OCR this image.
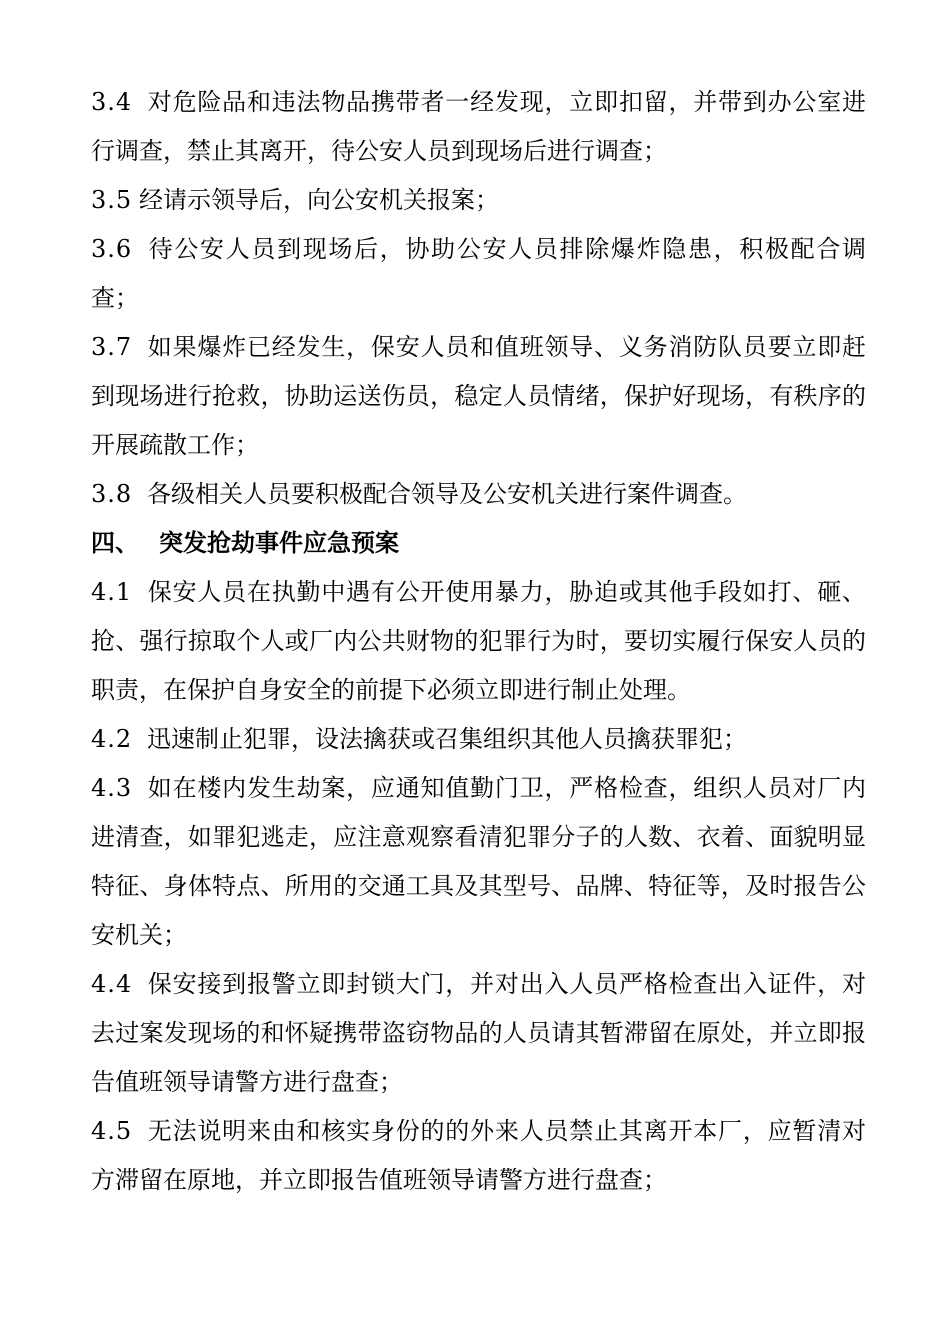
3.4 对危险品和违法物品携带者一经发现，立即扣留，并带到办公室进行调查，禁止其离开，待公安人员到现场后进行调查；

3.5 经请示领导后，向公安机关报案；

3.6 待公安人员到现场后，协助公安人员排除爆炸隐患，积极配合调查；

3.7 如果爆炸已经发生，保安人员和值班领导、义务消防队员要立即赶到现场进行抢救，协助运送伤员，稳定人员情绪，保护好现场，有秩序的开展疏散工作；

3.8 各级相关人员要积极配合领导及公安机关进行案件调查。

四、 突发抢劫事件应急预案

4.1 保安人员在执勤中遇有公开使用暴力，胁迫或其他手段如打、砸、抢、强行掠取个人或厂内公共财物的犯罪行为时，要切实履行保安人员的职责，在保护自身安全的前提下必须立即进行制止处理。

4.2 迅速制止犯罪，设法擒获或召集组织其他人员擒获罪犯；

4.3 如在楼内发生劫案，应通知值勤门卫，严格检查，组织人员对厂内进清查，如罪犯逃走，应注意观察看清犯罪分子的人数、衣着、面貌明显特征、身体特点、所用的交通工具及其型号、品牌、特征等，及时报告公安机关；

4.4 保安接到报警立即封锁大门，并对出入人员严格检查出入证件，对去过案发现场的和怀疑携带盗窃物品的人员请其暂滞留在原处，并立即报告值班领导请警方进行盘查；

4.5 无法说明来由和核实身份的的外来人员禁止其离开本厂，应暂清对方滞留在原地，并立即报告值班领导请警方进行盘查；
